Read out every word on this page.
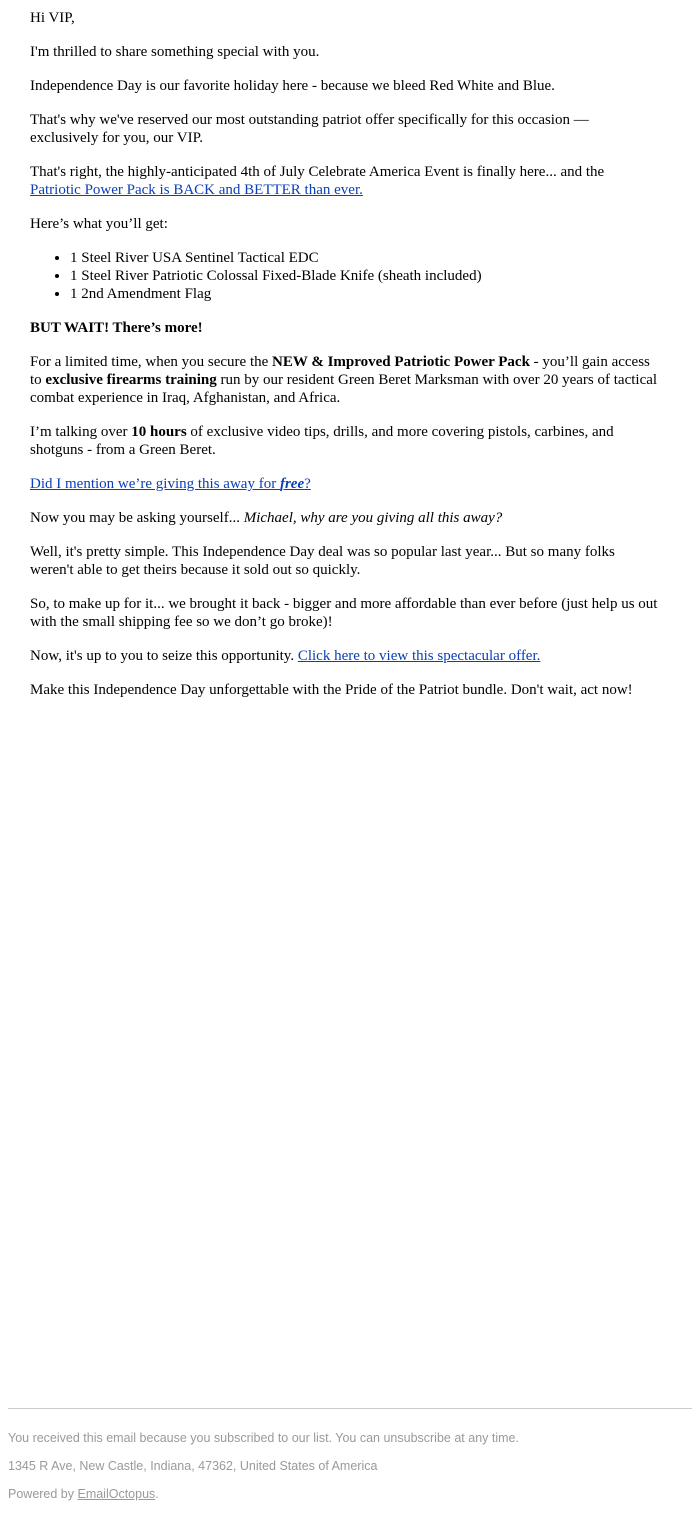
Hi VIP,

I'm thrilled to share something special with you.

Independence Day is our favorite holiday here - because we bleed Red White and Blue.

That's why we've reserved our most outstanding patriot offer specifically for this occasion — exclusively for you, our VIP.

That's right, the highly-anticipated 4th of July Celebrate America Event is finally here... and the Patriotic Power Pack is BACK and BETTER than ever.

Here’s what you’ll get:

• 1 Steel River USA Sentinel Tactical EDC
• 1 Steel River Patriotic Colossal Fixed-Blade Knife (sheath included)
• 1 2nd Amendment Flag

BUT WAIT! There’s more!

For a limited time, when you secure the NEW & Improved Patriotic Power Pack - you’ll gain access to exclusive firearms training run by our resident Green Beret Marksman with over 20 years of tactical combat experience in Iraq, Afghanistan, and Africa.

I’m talking over 10 hours of exclusive video tips, drills, and more covering pistols, carbines, and shotguns - from a Green Beret.

Did I mention we’re giving this away for free?

Now you may be asking yourself... Michael, why are you giving all this away?

Well, it's pretty simple. This Independence Day deal was so popular last year... But so many folks weren't able to get theirs because it sold out so quickly.

So, to make up for it... we brought it back - bigger and more affordable than ever before (just help us out with the small shipping fee so we don’t go broke)!

Now, it's up to you to seize this opportunity. Click here to view this spectacular offer.

Make this Independence Day unforgettable with the Pride of the Patriot bundle. Don't wait, act now!

You received this email because you subscribed to our list. You can unsubscribe at any time.

1345 R Ave, New Castle, Indiana, 47362, United States of America

Powered by EmailOctopus.
